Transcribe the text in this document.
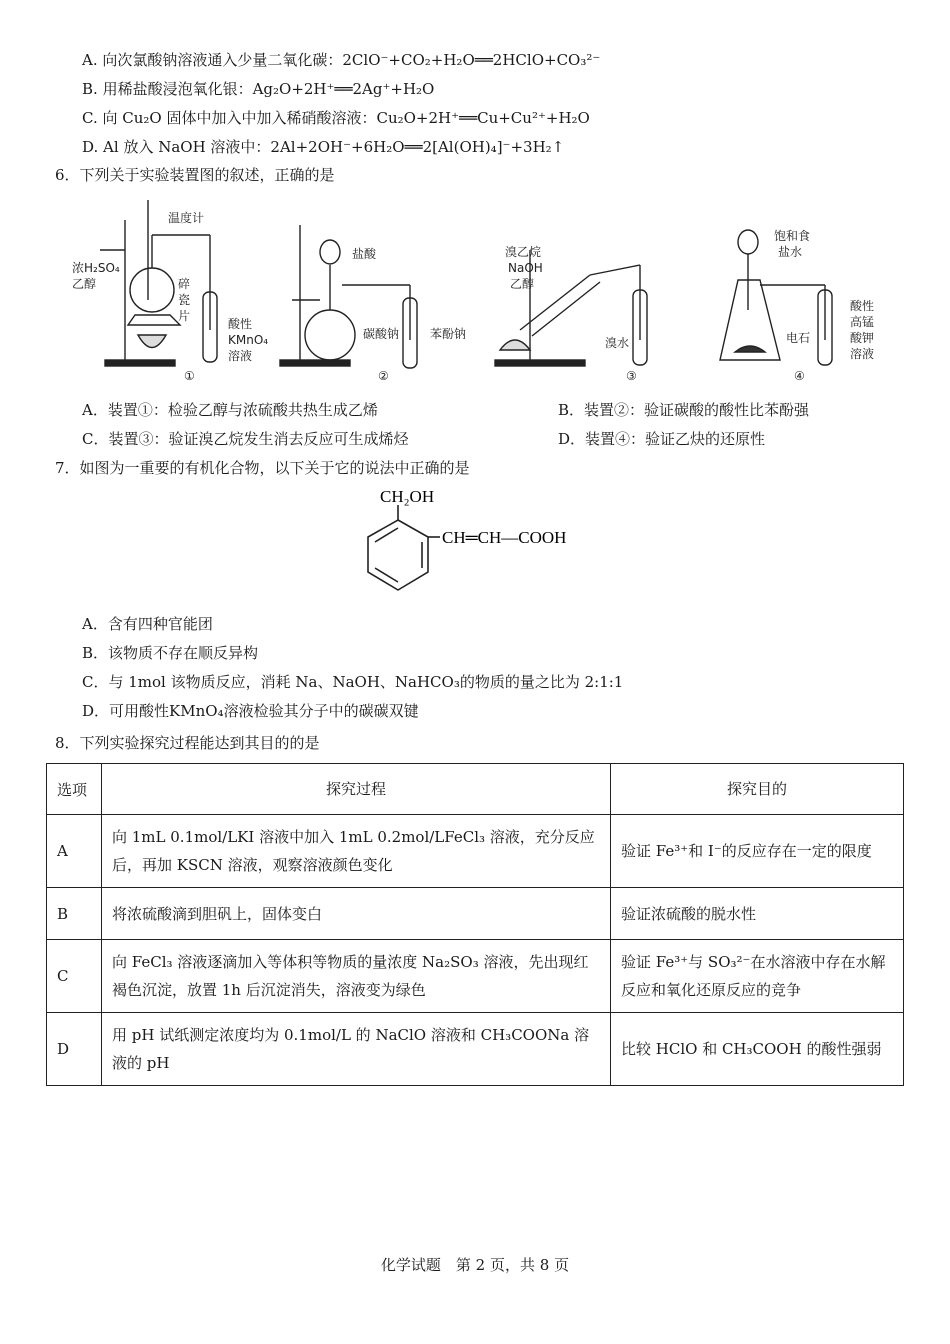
A. 向次氯酸钠溶液通入少量二氧化碳：2ClO⁻+CO₂+H₂O══2HClO+CO₃²⁻
B. 用稀盐酸浸泡氧化银：Ag₂O+2H⁺══2Ag⁺+H₂O
C. 向 Cu₂O 固体中加入中加入稀硝酸溶液：Cu₂O+2H⁺══Cu+Cu²⁺+H₂O
D. Al 放入 NaOH 溶液中：2Al+2OH⁻+6H₂O══2[Al(OH)₄]⁻+3H₂↑
6．下列关于实验装置图的叙述，正确的是
温度计
浓H₂SO₄
乙醇	碎
瓷
片
酸性
KMnO₄
溶液
①
盐酸
碳酸钠	苯酚钠
②
溴乙烷
NaOH
乙醇
溴水
③
饱和食
盐水
电石
酸性
高锰
酸钾
溶液
④
A．装置①：检验乙醇与浓硫酸共热生成乙烯	B．装置②：验证碳酸的酸性比苯酚强
C．装置③：验证溴乙烷发生消去反应可生成烯烃	D．装置④：验证乙炔的还原性
7．如图为一重要的有机化合物，以下关于它的说法中正确的是
CH₂OH
CH═CH—COOH
A．含有四种官能团
B．该物质不存在顺反异构
C．与 1mol 该物质反应，消耗 Na、NaOH、NaHCO₃的物质的量之比为 2:1:1
D．可用酸性KMnO₄溶液检验其分子中的碳碳双键
8．下列实验探究过程能达到其目的的是
选项	探究过程	探究目的
A	向 1mL 0.1mol/LKI 溶液中加入 1mL 0.2mol/LFeCl₃ 溶液，充分反应后，再加 KSCN 溶液，观察溶液颜色变化	验证 Fe³⁺和 I⁻的反应存在一定的限度
B	将浓硫酸滴到胆矾上，固体变白	验证浓硫酸的脱水性
C	向 FeCl₃ 溶液逐滴加入等体积等物质的量浓度 Na₂SO₃ 溶液，先出现红褐色沉淀，放置 1h 后沉淀消失，溶液变为绿色	验证 Fe³⁺与 SO₃²⁻在水溶液中存在水解反应和氧化还原反应的竞争
D	用 pH 试纸测定浓度均为 0.1mol/L 的 NaClO 溶液和 CH₃COONa 溶液的 pH	比较 HClO 和 CH₃COOH 的酸性强弱
化学试题　第 2 页，共 8 页
